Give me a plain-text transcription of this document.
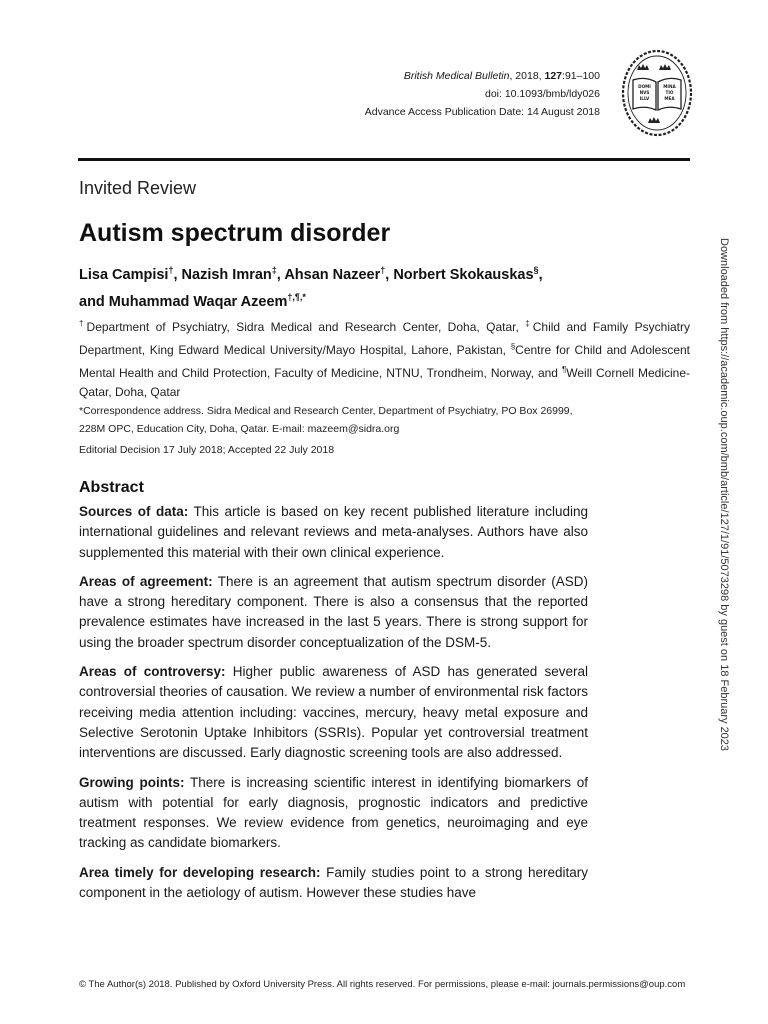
British Medical Bulletin, 2018, 127:91–100
doi: 10.1093/bmb/ldy026
Advance Access Publication Date: 14 August 2018
DOMI
NVS
ILLV
MINA
TIO
MEA
Invited Review
Autism spectrum disorder
Lisa Campisi†, Nazish Imran‡, Ahsan Nazeer†, Norbert Skokauskas§,
and Muhammad Waqar Azeem†,¶,*
†Department of Psychiatry, Sidra Medical and Research Center, Doha, Qatar, ‡Child and Family Psychiatry Department, King Edward Medical University/Mayo Hospital, Lahore, Pakistan, §Centre for Child and Adolescent Mental Health and Child Protection, Faculty of Medicine, NTNU, Trondheim, Norway, and ¶Weill Cornell Medicine-Qatar, Doha, Qatar
*Correspondence address. Sidra Medical and Research Center, Department of Psychiatry, PO Box 26999, 228M OPC, Education City, Doha, Qatar. E-mail: mazeem@sidra.org
Editorial Decision 17 July 2018; Accepted 22 July 2018
Abstract

Sources of data: This article is based on key recent published literature including international guidelines and relevant reviews and meta-analyses. Authors have also supplemented this material with their own clinical experience.

Areas of agreement: There is an agreement that autism spectrum disorder (ASD) have a strong hereditary component. There is also a consensus that the reported prevalence estimates have increased in the last 5 years. There is strong support for using the broader spectrum disorder conceptualization of the DSM-5.

Areas of controversy: Higher public awareness of ASD has generated several controversial theories of causation. We review a number of environmental risk factors receiving media attention including: vaccines, mercury, heavy metal exposure and Selective Serotonin Uptake Inhibitors (SSRIs). Popular yet controversial treatment interventions are discussed. Early diagnostic screening tools are also addressed.

Growing points: There is increasing scientific interest in identifying biomarkers of autism with potential for early diagnosis, prognostic indicators and predictive treatment responses. We review evidence from genetics, neuroimaging and eye tracking as candidate biomarkers.

Area timely for developing research: Family studies point to a strong hereditary component in the aetiology of autism. However these studies have

Downloaded from https://academic.oup.com/bmb/article/127/1/91/5073298 by guest on 18 February 2023
© The Author(s) 2018. Published by Oxford University Press. All rights reserved. For permissions, please e-mail: journals.permissions@oup.com
